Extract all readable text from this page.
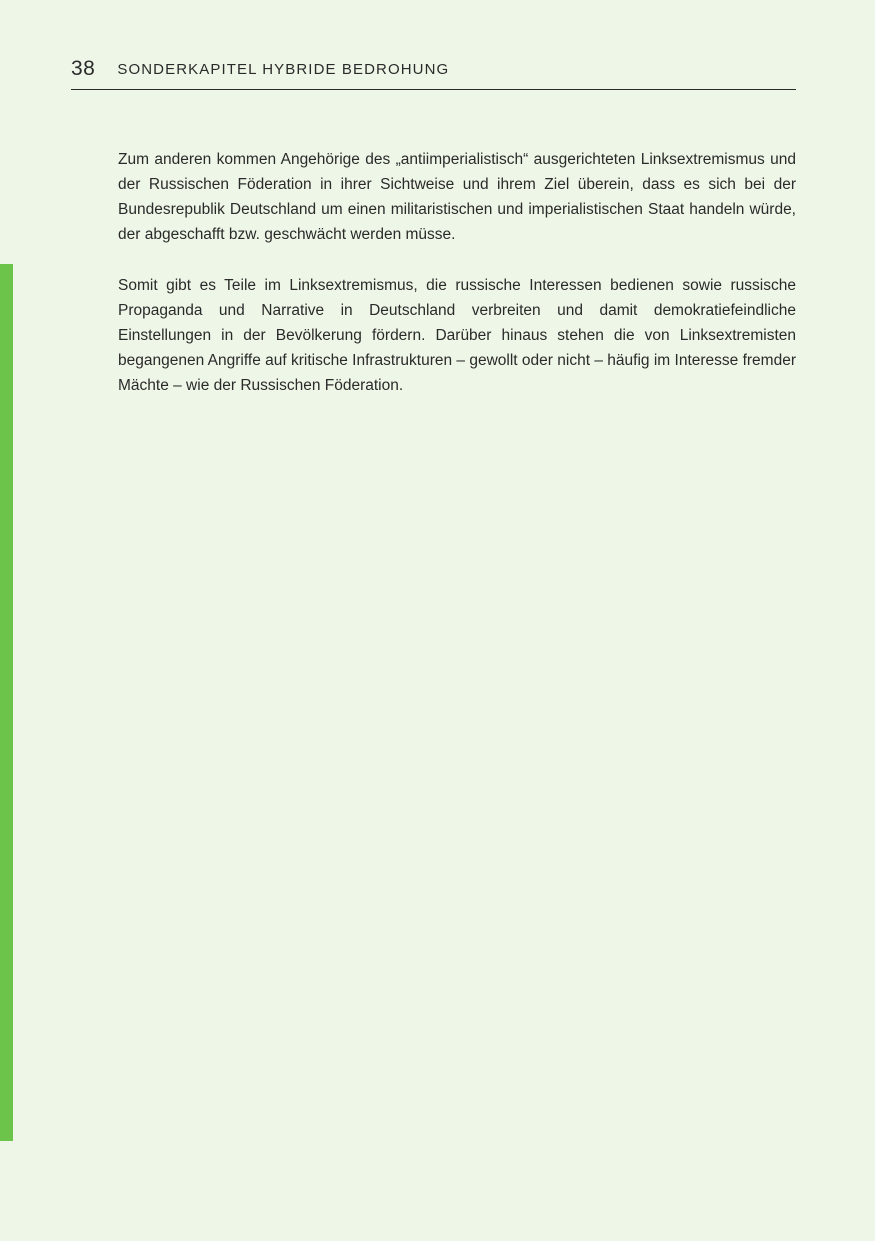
38 SONDERKAPITEL HYBRIDE BEDROHUNG

Zum anderen kommen Angehörige des „antiimperialistisch“ ausgerichteten Linksextremismus und der Russischen Föderation in ihrer Sichtweise und ihrem Ziel überein, dass es sich bei der Bundesrepublik Deutschland um einen militaristischen und imperialistischen Staat handeln würde, der abgeschafft bzw. geschwächt werden müsse.

Somit gibt es Teile im Linksextremismus, die russische Interessen bedienen sowie russische Propaganda und Narrative in Deutschland verbreiten und damit demokratiefeindliche Einstellungen in der Bevölkerung fördern. Darüber hinaus stehen die von Linksextremisten begangenen Angriffe auf kritische Infrastrukturen – gewollt oder nicht – häufig im Interesse fremder Mächte – wie der Russischen Föderation.
